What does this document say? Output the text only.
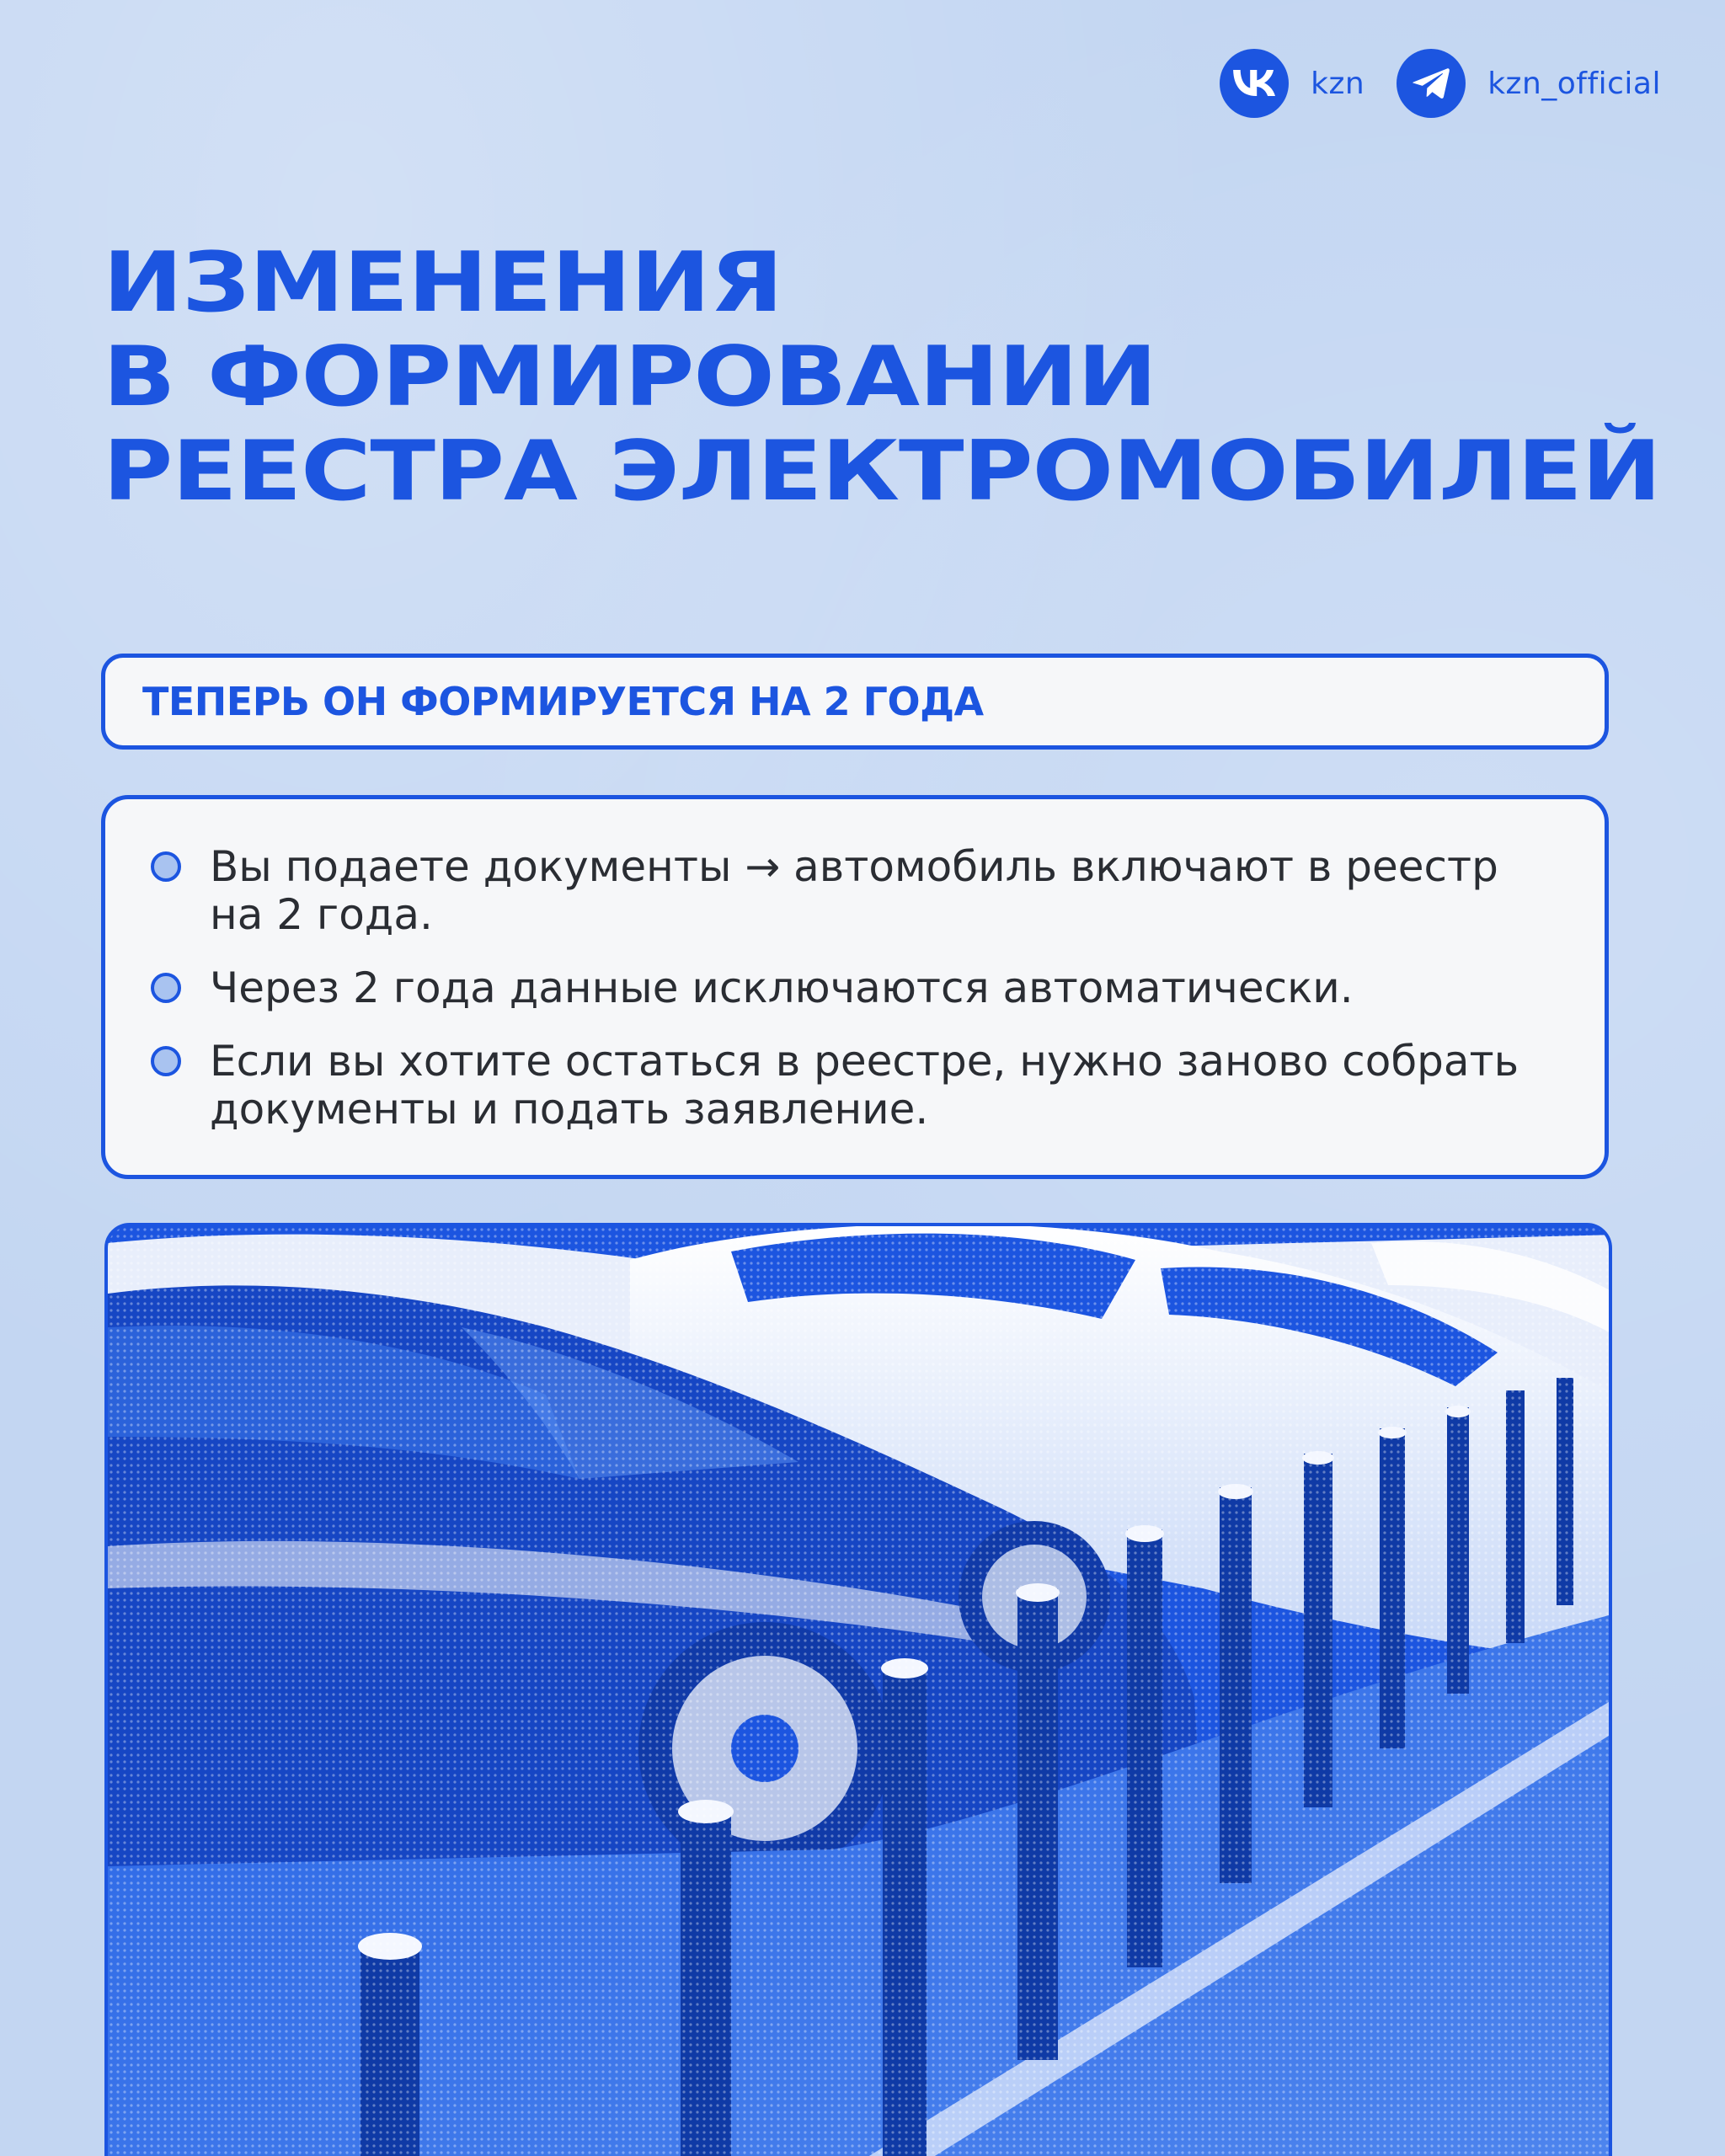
kzn	kzn_official
ИЗМЕНЕНИЯ
В ФОРМИРОВАНИИ
РЕЕСТРА ЭЛЕКТРОМОБИЛЕЙ
ТЕПЕРЬ ОН ФОРМИРУЕТСЯ НА 2 ГОДА
Вы подаете документы → автомобиль включают в реестр на 2 года.
Через 2 года данные исключаются автоматически.
Если вы хотите остаться в реестре, нужно заново собрать документы и подать заявление.
